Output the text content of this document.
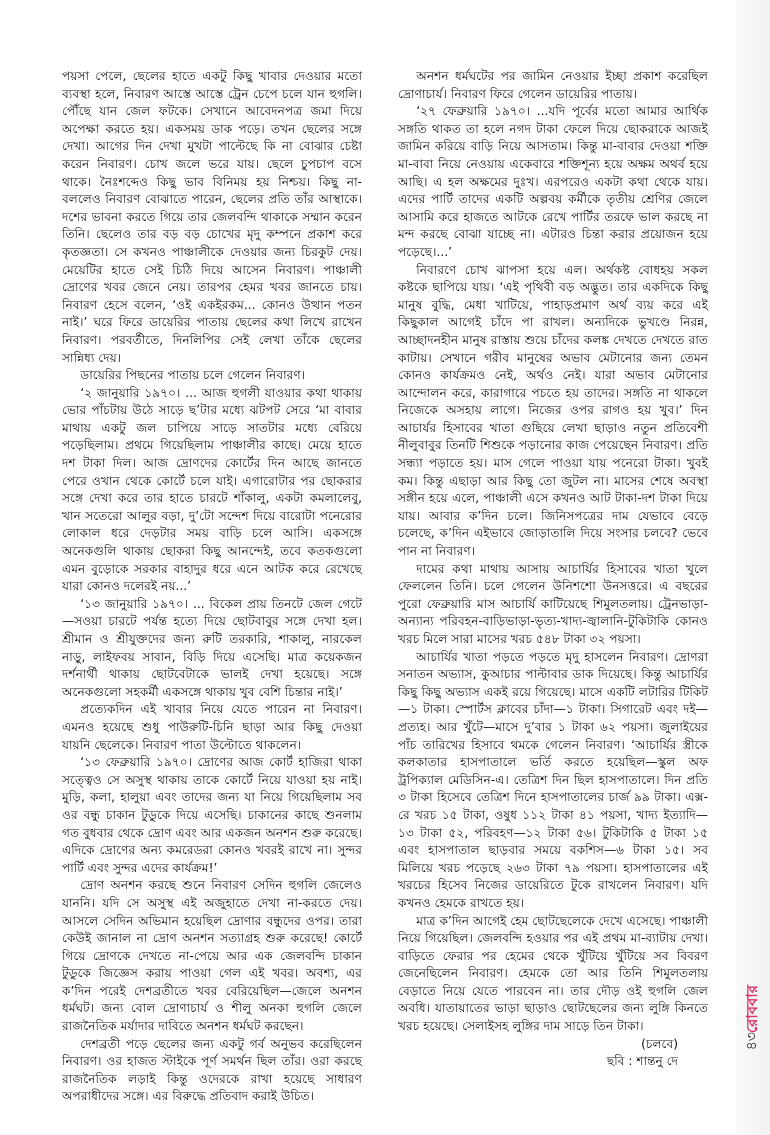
পয়সা পেলে, ছেলের হাতে একটু কিছু খাবার দেওয়ার মতো ব্যবস্থা হলে, নিবারণ আস্তে আস্তে ট্রেন চেপে চলে যান হুগলি। পৌঁছে যান জেল ফটকে। সেখানে আবেদনপত্র জমা দিয়ে অপেক্ষা করতে হয়। একসময় ডাক পড়ে। তখন ছেলের সঙ্গে দেখা। আগের দিন দেখা মুখটা পাল্টেছে কি না বোঝার চেষ্টা করেন নিবারণ। চোখ জলে ভরে যায়। ছেলে চুপচাপ বসে থাকে। নৈঃশব্দেও কিছু ভাব বিনিময় হয় নিশ্চয়। কিছু না-বললেও নিবারণ বোঝাতে পারেন, ছেলের প্রতি তাঁর আস্থাকে। দশের ভাবনা করতে গিয়ে তার জেলবন্দি থাকাকে সম্মান করেন তিনি। ছেলেও তার বড় বড় চোখের মৃদু কম্পনে প্রকাশ করে কৃতজ্ঞতা। সে কখনও পাঞ্চালীকে দেওয়ার জন্য চিরকুট দেয়। মেয়েটির হাতে সেই চিঠি দিয়ে আসেন নিবারণ। পাঞ্চালী দ্রোণের খবর জেনে নেয়। তারপর হেমর খবর জানতে চায়। নিবারণ হেসে বলেন, ‘ওই একইরকম... কোনও উত্থান পতন নাই।’ ঘরে ফিরে ডায়েরির পাতায় ছেলের কথা লিখে রাখেন নিবারণ। পরবর্তীতে, দিনলিপির সেই লেখা তাঁকে ছেলের সান্নিধ্য দেয়।

ডায়েরির পিছনের পাতায় চলে গেলেন নিবারণ।

‘২ জানুয়ারি ১৯৭০। ... আজ হুগলী যাওয়ার কথা থাকায় ভোর পাঁচটায় উঠে সাড়ে ছ’টার মধ্যে ঝটপট সেরে ‘মা বাবার মাথায় একটু জল চাপিয়ে সাড়ে সাতটার মধ্যে বেরিয়ে পড়েছিলাম। প্রথমে গিয়েছিলাম পাঞ্চালীর কাছে। মেয়ে হাতে দশ টাকা দিল। আজ দ্রোণদের কোর্টের দিন আছে জানতে পেরে ওখান থেকে কোর্টে চলে যাই। এগারোটার পর ছোকরার সঙ্গে দেখা করে তার হাতে চারটে শাঁকালু, একটা কমলালেবু, খান সতেরো আলুর বড়া, দু’টো সন্দেশ দিয়ে বারোটা পনেরোর লোকাল ধরে দেড়টার সময় বাড়ি চলে আসি। একসঙ্গে অনেকগুলি থাকায় ছোকরা কিছু আনন্দেই, তবে কতকগুলো এমন বুড়োকে সরকার বাহাদুর ধরে এনে আটক করে রেখেছে যারা কোনও দলেরই নয়...’

‘১৩ জানুয়ারি ১৯৭০। ... বিকেল প্রায় তিনটে জেল গেটে—সওয়া চারটে পর্যন্ত হত্যে দিয়ে ছোটবাবুর সঙ্গে দেখা হল। শ্রীমান ও শ্রীযুক্তদের জন্য রুটি তরকারি, শাকালু, নারকেল নাড়ু, লাইফবয় সাবান, বিড়ি দিয়ে এসেছি। মাত্র কয়েকজন দর্শনার্থী থাকায় ছোটবেটাকে ভালই দেখা হয়েছে। সঙ্গে অনেকগুলো সহকর্মী একসঙ্গে থাকায় খুব বেশি চিন্তার নাই।’

প্রত্যেকদিন এই খাবার নিয়ে যেতে পারেন না নিবারণ। এমনও হয়েছে শুধু পাউরুটি-চিনি ছাড়া আর কিছু দেওয়া যায়নি ছেলেকে। নিবারণ পাতা উল্টোতে থাকলেন।

‘১৩ ফেব্রুয়ারি ১৯৭০। দ্রোণের আজ কোর্ট হাজিরা থাকা সত্ত্বেও সে অসুস্থ থাকায় তাকে কোর্টে নিয়ে যাওয়া হয় নাই। মুড়ি, কলা, হালুয়া এবং তাদের জন্য যা নিয়ে গিয়েছিলাম সব ওর বন্ধু চাকান টুডুকে দিয়ে এসেছি। চাকানের কাছে শুনলাম গত বুধবার থেকে দ্রোণ এবং আর একজন অনশন শুরু করেছে। এদিকে দ্রোণের অন্য কমরেডরা কোনও খবরই রাখে না। সুন্দর পার্টি এবং সুন্দর এদের কার্যক্রম!’

দ্রোণ অনশন করছে শুনে নিবারণ সেদিন হুগলি জেলেও যাননি। যদি সে অসুস্থ এই অজুহাতে দেখা না-করতে দেয়। আসলে সেদিন অভিমান হয়েছিল দ্রোণার বন্ধুদের ওপর। তারা কেউই জানাল না দ্রোণ অনশন সত্যাগ্রহ শুরু করেছে! কোর্টে গিয়ে দ্রোণকে দেখতে না-পেয়ে আর এক জেলবন্দি চাকান টুডুকে জিজ্ঞেস করায় পাওয়া গেল এই খবর। অবশ্য, এর ক’দিন পরেই দেশব্রতীতে খবর বেরিয়েছিল—জেলে অনশন ধর্মঘট। জন্য বোল দ্রোণাচার্য ও শীলু অনকা হুগলি জেলে রাজনৈতিক মর্যাদার দাবিতে অনশন ধর্মঘট করছেন।

দেশব্রতী পড়ে ছেলের জন্য একটু গর্ব অনুভব করেছিলেন নিবারণ। ওর হাজত স্টাইকে পূর্ণ সমর্থন ছিল তাঁর। ওরা করছে রাজনৈতিক লড়াই কিন্তু ওদেরকে রাখা হয়েছে সাধারণ অপরাধীদের সঙ্গে। এর বিরুদ্ধে প্রতিবাদ করাই উচিত।

অনশন ধর্মঘটের পর জামিন নেওয়ার ইচ্ছা প্রকাশ করেছিল দ্রোণাচার্য। নিবারণ ফিরে গেলেন ডায়েরির পাতায়।

‘২৭ ফেব্রুয়ারি ১৯৭০। ...যদি পূর্বের মতো আমার আর্থিক সঙ্গতি থাকত তা হলে নগদ টাকা ফেলে দিয়ে ছোকরাকে আজই জামিন করিয়ে বাড়ি নিয়ে আসতাম। কিন্তু মা-বাবার দেওয়া শক্তি মা-বাবা নিয়ে নেওয়ায় একেবারে শক্তিশূন্য হয়ে অক্ষম অথর্ব হয়ে আছি। এ হল অক্ষমের দুঃখ। এরপরেও একটা কথা থেকে যায়। এদের পার্টি তাদের একটি অল্পবয় কর্মীকে তৃতীয় শ্রেণির জেলে আসামি করে হাজতে আটকে রেখে পার্টির তরফে ভাল করছে না মন্দ করছে বোঝা যাচ্ছে না। এটারও চিন্তা করার প্রয়োজন হয়ে পড়েছে।...’

নিবারণে চোখ ঝাপসা হয়ে এল। অর্থকষ্ট বোধহয় সকল কষ্টকে ছাপিয়ে যায়। ‘এই পৃথিবী বড় অদ্ভুত। তার একদিকে কিছু মানুষ বুদ্ধি, মেধা খাটিয়ে, পাহাড়প্রমাণ অর্থ ব্যয় করে এই কিছুকাল আগেই চাঁদে পা রাখল। অন্যদিকে ভুখণ্ডে নিরন্ন, আচ্ছাদনহীন মানুষ রাস্তায় শুয়ে চাঁদের কলঙ্ক দেখতে দেখতে রাত কাটায়। সেখানে গরীব মানুষের অভাব মেটানোর জন্য তেমন কোনও কার্যক্রমও নেই, অর্থও নেই। যারা অভাব মেটানোর আন্দোলন করে, কারাগারে পচতে হয় তাদের। সঙ্গতি না থাকলে নিজেকে অসহায় লাগে। নিজের ওপর রাগও হয় খুব।’ দিন আচার্যর হিসাবের খাতা গুছিয়ে লেখা ছাড়াও নতুন প্রতিবেশী নীলুবাবুর তিনটি শিশুকে পড়ানোর কাজ পেয়েছেন নিবারণ। প্রতি সন্ধ্যা পড়াতে হয়। মাস গেলে পাওয়া যায় পনেরো টাকা। খুবই কম। কিন্তু এছাড়া আর কিছু তো জুটল না। মাসের শেষে অবস্থা সঙ্গীন হয়ে এলে, পাঞ্চালী এসে কখনও আট টাকা-দশ টাকা দিয়ে যায়। আবার ক’দিন চলে। জিনিসপত্রের দাম যেভাবে বেড়ে চলেছে, ক’দিন এইভাবে জোড়াতালি দিয়ে সংসার চলবে? ভেবে পান না নিবারণ।

দামের কথা মাথায় আসায় আচার্যির হিসাবের খাতা খুলে ফেললেন তিনি। চলে গেলেন উনিশশো উনসত্তরে। এ বছরের পুরো ফেব্রুয়ারি মাস আচার্যি কাটিয়েছে শিমুলতলায়। ট্রেনভাড়া-অন্যান্য পরিবহন-বাড়িভাড়া-ভৃত্য-খাদ্য-জ্বালানি-টুকিটাকি কোনও খরচ মিলে সারা মাসের খরচ ৫৪৮ টাকা ৩২ পয়সা।

আচার্যির খাতা পড়তে পড়তে মৃদু হাসলেন নিবারণ। দ্রোণরা সনাতন অভ্যাস, কুআচার পাল্টাবার ডাক দিয়েছে। কিন্তু আচার্যির কিছু কিছু অভ্যাস একই রয়ে গিয়েছে। মাসে একটি লটারির টিকিট—১ টাকা। স্পোর্টস ক্লাবের চাঁদা—১ টাকা। সিগারেট এবং দই—প্রত্যহ। আর খুঁটে—মাসে দু’বার ১ টাকা ৬২ পয়সা। জুলাইয়ের পাঁচ তারিখের হিসাবে থমকে গেলেন নিবারণ। ‘আচার্যির স্ত্রীকে কলকাতার হাসপাতালে ভর্তি করতে হয়েছিল—স্কুল অফ ট্রপিক্যাল মেডিসিন-এ। তেত্রিশ দিন ছিল হাসপাতালে। দিন প্রতি ৩ টাকা হিসেবে তেত্রিশ দিনে হাসপাতালের চার্জ ৯৯ টাকা। এক্স-রে খরচ ১৫ টাকা, ওষুধ ১১২ টাকা ৪১ পয়সা, খাদ্য ইত্যাদি—১৩ টাকা ৫২, পরিবহণ—১২ টাকা ৫৬। টুকিটাকি ৫ টাকা ১৫ এবং হাসপাতাল ছাড়বার সময়ে বকশিস—৬ টাকা ১৫। সব মিলিয়ে খরচ পড়েছে ২৬৩ টাকা ৭৯ পয়সা। হাসপাতালের এই খরচের হিসেব নিজের ডায়েরিতে টুকে রাখলেন নিবারণ। যদি কখনও হেমকে রাখতে হয়।

মাত্র ক’দিন আগেই হেম ছোটছেলেকে দেখে এসেছে। পাঞ্চালী নিয়ে গিয়েছিল। জেলবন্দি হওয়ার পর এই প্রথম মা-ব্যাটায় দেখা। বাড়িতে ফেরার পর হেমের থেকে খুঁটিয়ে খুঁটিয়ে সব বিবরণ জেনেছিলেন নিবারণ। হেমকে তো আর তিনি শিমুলতলায় বেড়াতে নিয়ে যেতে পারবেন না। তার দৌড় ওই হুগলি জেল অবধি। যাতায়াতের ভাড়া ছাড়াও ছোটছেলের জন্য লুঙ্গি কিনতে খরচ হয়েছে। সেলাইসহ লুঙ্গির দাম সাড়ে তিন টাকা।

(চলবে)

ছবি : শান্তনু দে

রোববার
৪৩
